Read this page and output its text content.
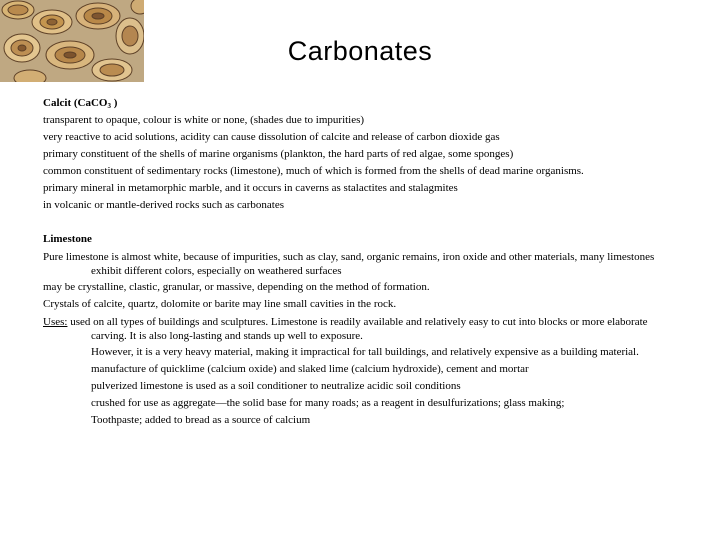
Carbonates
Calcit (CaCO$_3$ )
transparent to opaque, colour is white or none, (shades due to impurities)
very reactive to acid solutions, acidity can cause dissolution of calcite and release of carbon dioxide gas
primary constituent of the shells of marine organisms (plankton, the hard parts of red algae, some sponges)
common constituent of sedimentary rocks (limestone), much of which is formed from the shells of dead marine organisms.
primary mineral in metamorphic marble, and it occurs in caverns as stalactites and stalagmites
in volcanic or mantle-derived rocks such as carbonates
Limestone
Pure limestone is almost white, because of impurities, such as clay, sand, organic remains, iron oxide and other materials, many limestones exhibit different colors, especially on weathered surfaces
may be crystalline, clastic, granular, or massive, depending on the method of formation.
Crystals of calcite, quartz, dolomite or barite may line small cavities in the rock.
Uses: used on all types of buildings and sculptures. Limestone is readily available and relatively easy to cut into blocks or more elaborate carving. It is also long-lasting and stands up well to exposure.
However, it is a very heavy material, making it impractical for tall buildings, and relatively expensive as a building material.
manufacture of quicklime (calcium oxide) and slaked lime (calcium hydroxide), cement and mortar
pulverized limestone is used as a soil conditioner to neutralize acidic soil conditions
crushed for use as aggregate—the solid base for many roads; as a reagent in desulfurizations; glass making;
Toothpaste; added to bread as a source of calcium
